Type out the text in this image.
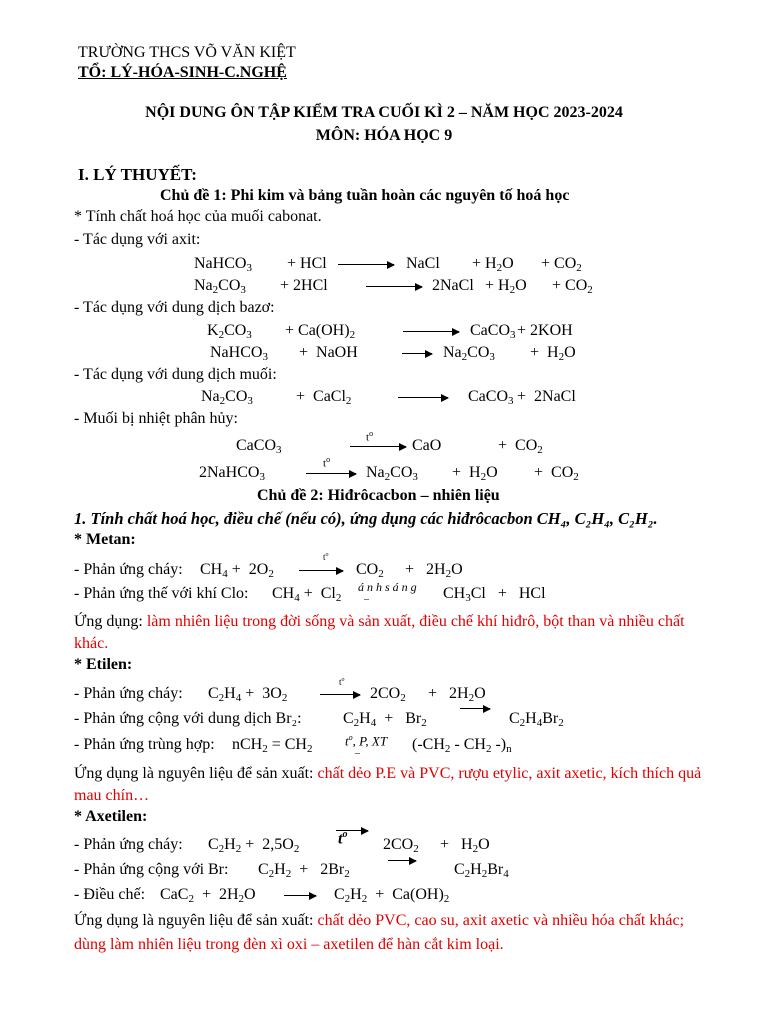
TRƯỜNG THCS VÕ VĂN KIỆT
TỔ: LÝ-HÓA-SINH-C.NGHỆ
NỘI DUNG ÔN TẬP KIỂM TRA CUỐI KÌ 2 – NĂM HỌC 2023-2024
MÔN: HÓA HỌC 9
I. LÝ THUYẾT:
Chủ đề 1: Phi kim và bảng tuần hoàn các nguyên tố hoá học
* Tính chất hoá học của muối cabonat.
- Tác dụng với axit:
NaHCO$_3$ + HCl	NaCl + $H_2O + CO_2$
$Na_2CO_3 + 2HCl$	2NaCl + $H_2O + CO_2$
- Tác dụng với dung dịch bazơ:
$K_2CO_3 + Ca(OH)_2$	CaCO$_3$ + 2KOH
NaHCO$_3$ +  NaOH	$Na_2CO_3 + H_2O$
- Tác dụng với dung dịch muối:
$Na_2CO_3$	+  CaCl$_2$	CaCO$_3$ +  2NaCl
- Muối bị nhiệt phân hủy:
CaCO$_3$
$t^o$
CaO	+  $CO_2$
2NaHCO$_3$
$t^o$
$Na_2CO_3 + H_2O + CO_2$
Chủ đề 2: Hiđrôcacbon – nhiên liệu
1. Tính chất hoá học, điều chế (nếu có), ứng dụng các hiđrôcacbon CH₄, C₂H₄, C₂H₂.
* Metan:
- Phản ứng cháy: $CH_4 + 2O_2$
$t^o$
$CO_2 + 2H_2O$
- Phản ứng thế với khí Clo: $CH_4 + Cl_2$
á n h s á n g
–	$CH_3Cl$   +   HCl
Ứng dụng: làm nhiên liệu trong đời sống và sản xuất, điều chế khí hiđrô, bột than và nhiều chất khác.
* Etilen:
- Phản ứng cháy: $C_2H_4 + 3O_2$
$t^o$
$2CO_2 + 2H_2O$
- Phản ứng cộng với dung dịch Br₂:	$C_2H_4 + Br_2$	$C_2H_4Br_2$
- Phản ứng trùng hợp: $nCH_2 = CH_2$
$t^o$, P, XT
–
($-CH_2 - CH_2$ $-)_n$
Ứng dụng là nguyên liệu để sản xuất: chất dẻo P.E và PVC, rượu etylic, axit axetic, kích thích quả mau chín…
* Axetilen:
- Phản ứng cháy: $C_2H_2 + 2,5O_2$
$t^o$
$2CO_2 + H_2O$
- Phản ứng cộng với Br: $C_2H_2 + 2Br_2$	$C_2H_2Br_4$
- Điều chế: $CaC_2 + 2H_2O$	$C_2H_2 + Ca(OH)_2$
Ứng dụng là nguyên liệu để sản xuất: chất dẻo PVC, cao su, axit axetic và nhiều hóa chất khác; dùng làm nhiên liệu trong đèn xì oxi – axetilen để hàn cắt kim loại.
